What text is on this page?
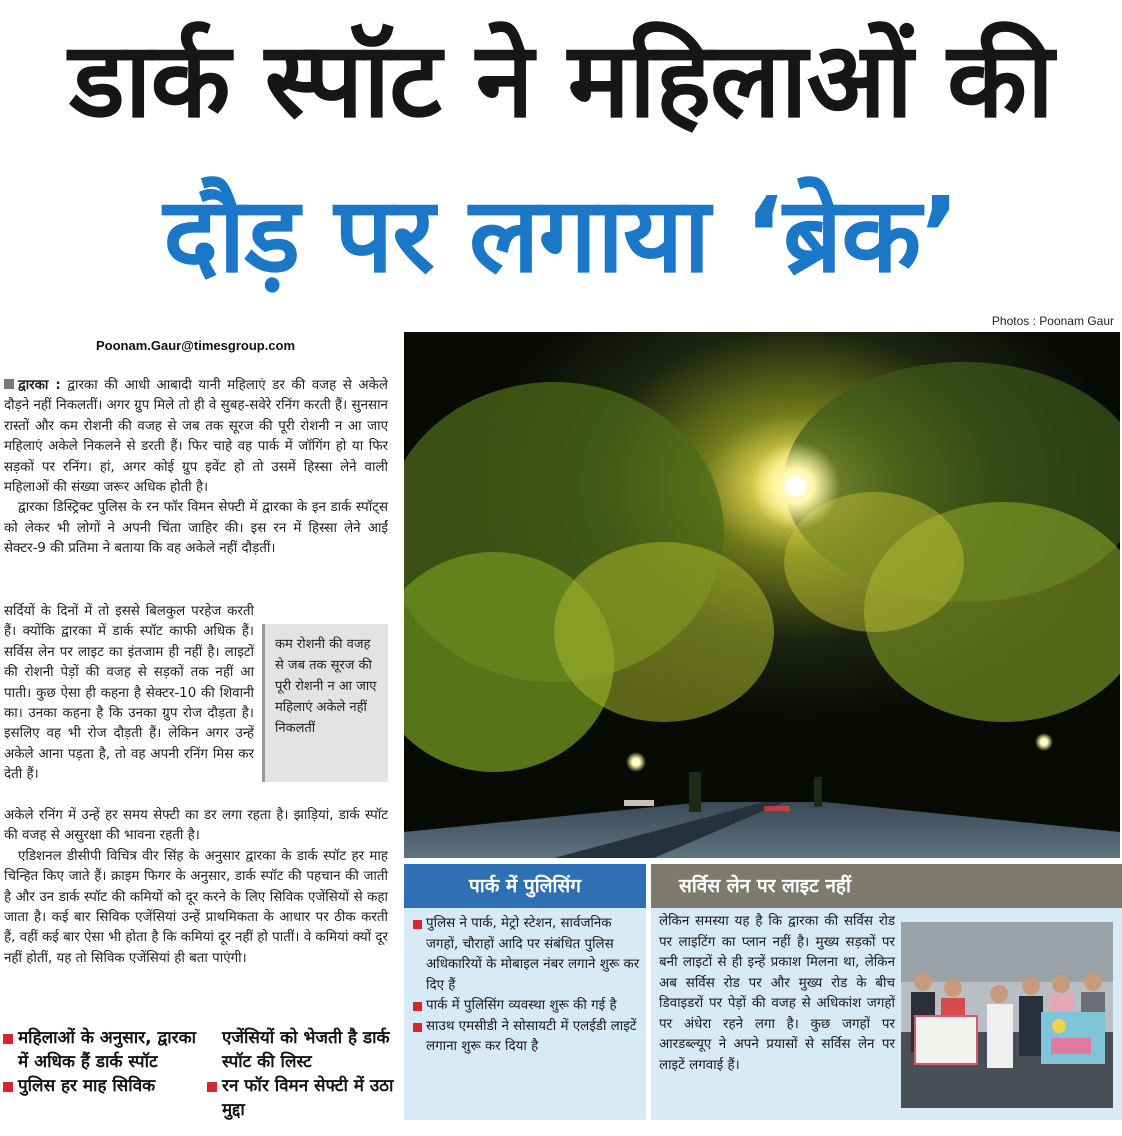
डार्क स्पॉट ने महिलाओं की
दौड़ पर लगाया ‘ब्रेक’
Photos : Poonam Gaur
Poonam.Gaur@timesgroup.com

द्वारका : द्वारका की आधी आबादी यानी महिलाएं डर की वजह से अकेले दौड़ने नहीं निकलतीं। अगर ग्रुप मिले तो ही वे सुबह-सवेरे रनिंग करती हैं। सुनसान रास्तों और कम रोशनी की वजह से जब तक सूरज की पूरी रोशनी न आ जाए महिलाएं अकेले निकलने से डरती हैं। फिर चाहे वह पार्क में जॉगिंग हो या फिर सड़कों पर रनिंग। हां, अगर कोई ग्रुप इवेंट हो तो उसमें हिस्सा लेने वाली महिलाओं की संख्या जरूर अधिक होती है।

द्वारका डिस्ट्रिक्ट पुलिस के रन फॉर विमन सेफ्टी में द्वारका के इन डार्क स्पॉट्स को लेकर भी लोगों ने अपनी चिंता जाहिर की। इस रन में हिस्सा लेने आईं सेक्टर-9 की प्रतिमा ने बताया कि वह अकेले नहीं दौड़तीं।

सर्दियों के दिनों में तो इससे बिलकुल परहेज करती हैं। क्योंकि द्वारका में डार्क स्पॉट काफी अधिक हैं। सर्विस लेन पर लाइट का इंतजाम ही नहीं है। लाइटों की रोशनी पेड़ों की वजह से सड़कों तक नहीं आ पाती। कुछ ऐसा ही कहना है सेक्टर-10 की शिवानी का। उनका कहना है कि उनका ग्रुप रोज दौड़ता है। इसलिए वह भी रोज दौड़ती हैं। लेकिन अगर उन्हें अकेले आना पड़ता है, तो वह अपनी रनिंग मिस कर देती हैं।

अकेले रनिंग में उन्हें हर समय सेफ्टी का डर लगा रहता है। झाड़ियां, डार्क स्पॉट की वजह से असुरक्षा की भावना रहती है।

एडिशनल डीसीपी विचित्र वीर सिंह के अनुसार द्वारका के डार्क स्पॉट हर माह चिन्हित किए जाते हैं। क्राइम फिगर के अनुसार, डार्क स्पॉट की पहचान की जाती है और उन डार्क स्पॉट की कमियों को दूर करने के लिए सिविक एजेंसियों से कहा जाता है। कई बार सिविक एजेंसियां उन्हें प्राथमिकता के आधार पर ठीक करती हैं, वहीं कई बार ऐसा भी होता है कि कमियां दूर नहीं हो पातीं। वे कमियां क्यों दूर नहीं होतीं, यह तो सिविक एजेंसियां ही बता पाएंगी।

कम रोशनी की वजह से जब तक सूरज की पूरी रोशनी न आ जाए महिलाएं अकेले नहीं निकलतीं
महिलाओं के अनुसार, द्वारका में अधिक हैं डार्क स्पॉट
पुलिस हर माह सिविक
एजेंसियों को भेजती है डार्क स्पॉट की लिस्ट
रन फॉर विमन सेफ्टी में उठा मुद्दा
पार्क में पुलिसिंग
पुलिस ने पार्क, मेट्रो स्टेशन, सार्वजनिक जगहों, चौराहों आदि पर संबंधित पुलिस अधिकारियों के मोबाइल नंबर लगाने शुरू कर दिए हैं
पार्क में पुलिसिंग व्यवस्था शुरू की गई है
साउथ एमसीडी ने सोसायटी में एलईडी लाइटें लगाना शुरू कर दिया है
सर्विस लेन पर लाइट नहीं
लेकिन समस्या यह है कि द्वारका की सर्विस रोड पर लाइटिंग का प्लान नहीं है। मुख्य सड़कों पर बनी लाइटों से ही इन्हें प्रकाश मिलना था, लेकिन अब सर्विस रोड पर और मुख्य रोड के बीच डिवाइडरों पर पेड़ों की वजह से अधिकांश जगहों पर अंधेरा रहने लगा है। कुछ जगहों पर आरडब्ल्यूए ने अपने प्रयासों से सर्विस लेन पर लाइटें लगवाई हैं।
